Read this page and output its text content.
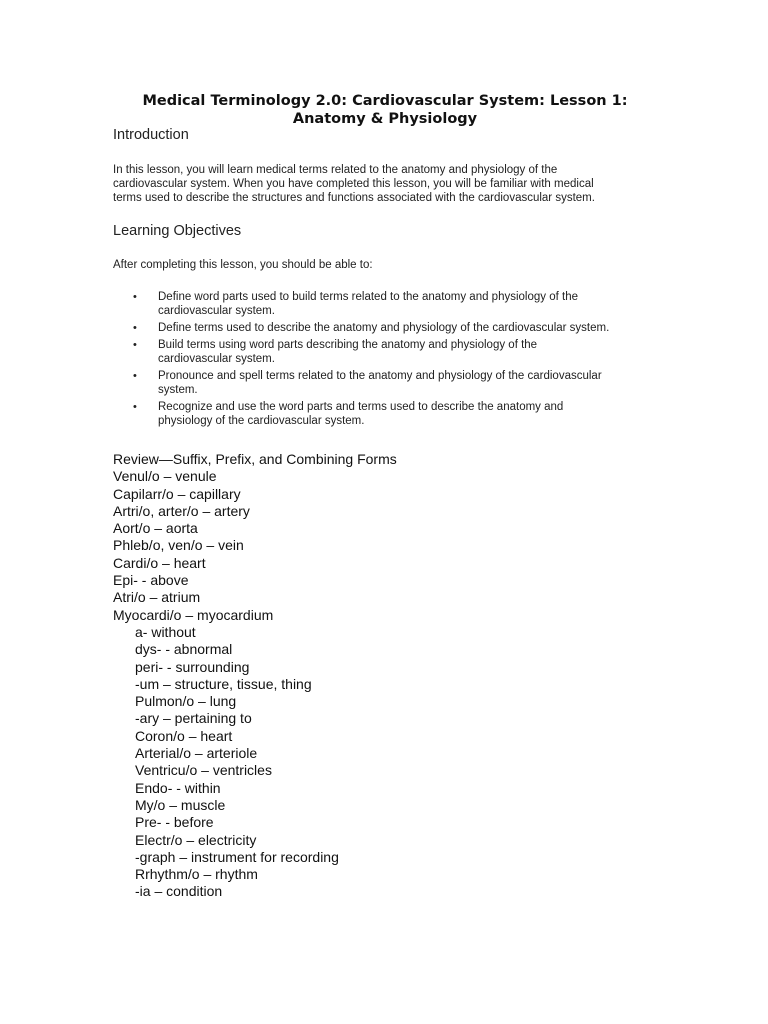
Medical Terminology 2.0: Cardiovascular System: Lesson 1:
Anatomy & Physiology
Introduction
In this lesson, you will learn medical terms related to the anatomy and physiology of the
cardiovascular system. When you have completed this lesson, you will be familiar with medical
terms used to describe the structures and functions associated with the cardiovascular system.
Learning Objectives
After completing this lesson, you should be able to:
• Define word parts used to build terms related to the anatomy and physiology of the
cardiovascular system.
• Define terms used to describe the anatomy and physiology of the cardiovascular system.
• Build terms using word parts describing the anatomy and physiology of the
cardiovascular system.
• Pronounce and spell terms related to the anatomy and physiology of the cardiovascular
system.
• Recognize and use the word parts and terms used to describe the anatomy and
physiology of the cardiovascular system.
Review—Suffix, Prefix, and Combining Forms
Venul/o – venule
Capilarr/o – capillary
Artri/o, arter/o – artery
Aort/o – aorta
Phleb/o, ven/o – vein
Cardi/o – heart
Epi- - above
Atri/o – atrium
Myocardi/o – myocardium
a- without
dys- - abnormal
peri- - surrounding
-um – structure, tissue, thing
Pulmon/o – lung
-ary – pertaining to
Coron/o – heart
Arterial/o – arteriole
Ventricu/o – ventricles
Endo- - within
My/o – muscle
Pre- - before
Electr/o – electricity
-graph – instrument for recording
Rrhythm/o – rhythm
-ia – condition
